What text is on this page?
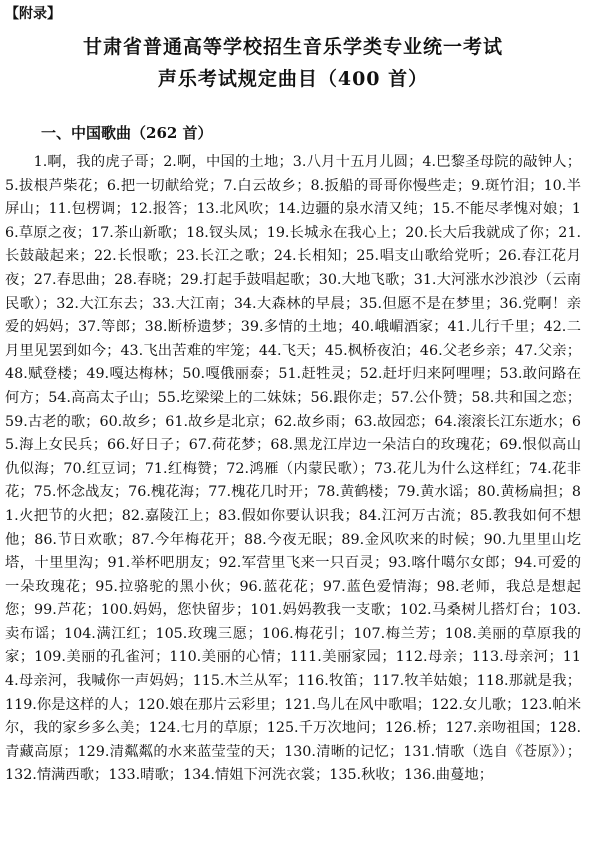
【附录】
甘肃省普通高等学校招生音乐学类专业统一考试
声乐考试规定曲目（400 首）
一、中国歌曲（262 首）

1.啊，我的虎子哥；2.啊，中国的土地；3.八月十五月儿圆；4.巴黎圣母院的敲钟人；5.拔根芦柴花；6.把一切献给党；7.白云故乡；8.扳船的哥哥你慢些走；9.斑竹泪；10.半屏山；11.包楞调；12.报答；13.北风吹；14.边疆的泉水清又纯；15.不能尽孝愧对娘；16.草原之夜；17.茶山新歌；18.钗头凤；19.长城永在我心上；20.长大后我就成了你；21.长鼓敲起来；22.长恨歌；23.长江之歌；24.长相知；25.唱支山歌给党听；26.春江花月夜；27.春思曲；28.春晓；29.打起手鼓唱起歌；30.大地飞歌；31.大河涨水沙浪沙（云南民歌）；32.大江东去；33.大江南；34.大森林的早晨；35.但愿不是在梦里；36.党啊！亲爱的妈妈；37.等郎；38.断桥遗梦；39.多情的土地；40.峨嵋酒家；41.儿行千里；42.二月里见罢到如今；43.飞出苦难的牢笼；44.飞天；45.枫桥夜泊；46.父老乡亲；47.父亲；48.赋登楼；49.嘎达梅林；50.嘎俄丽泰；51.赶牲灵；52.赶圩归来阿哩哩；53.敢问路在何方；54.高高太子山；55.圪梁梁上的二妹妹；56.跟你走；57.公仆赞；58.共和国之恋；59.古老的歌；60.故乡；61.故乡是北京；62.故乡雨；63.故园恋；64.滚滚长江东逝水；65.海上女民兵；66.好日子；67.荷花梦；68.黑龙江岸边一朵洁白的玫瑰花；69.恨似高山仇似海；70.红豆词；71.红梅赞；72.鸿雁（内蒙民歌）；73.花儿为什么这样红；74.花非花；75.怀念战友；76.槐花海；77.槐花几时开；78.黄鹤楼；79.黄水谣；80.黄杨扁担；81.火把节的火把；82.嘉陵江上；83.假如你要认识我；84.江河万古流；85.教我如何不想他；86.节日欢歌；87.今年梅花开；88.今夜无眠；89.金风吹来的时候；90.九里里山圪塔，十里里沟；91.举杯吧朋友；92.军营里飞来一只百灵；93.喀什噶尔女郎；94.可爱的一朵玫瑰花；95.拉骆驼的黑小伙；96.蓝花花；97.蓝色爱情海；98.老师，我总是想起您；99.芦花；100.妈妈，您快留步；101.妈妈教我一支歌；102.马桑树儿搭灯台；103.卖布谣；104.满江红；105.玫瑰三愿；106.梅花引；107.梅兰芳；108.美丽的草原我的家；109.美丽的孔雀河；110.美丽的心情；111.美丽家园；112.母亲；113.母亲河；114.母亲河，我喊你一声妈妈；115.木兰从军；116.牧笛；117.牧羊姑娘；118.那就是我；119.你是这样的人；120.娘在那片云彩里；121.鸟儿在风中歌唱；122.女儿歌；123.帕米尔，我的家乡多么美；124.七月的草原；125.千万次地问；126.桥；127.亲吻祖国；128.青藏高原；129.清粼粼的水来蓝莹莹的天；130.清晰的记忆；131.情歌（选自《苍原》）；132.情满西歌；133.晴歌；134.情姐下河洗衣裳；135.秋收；136.曲蔓地；
